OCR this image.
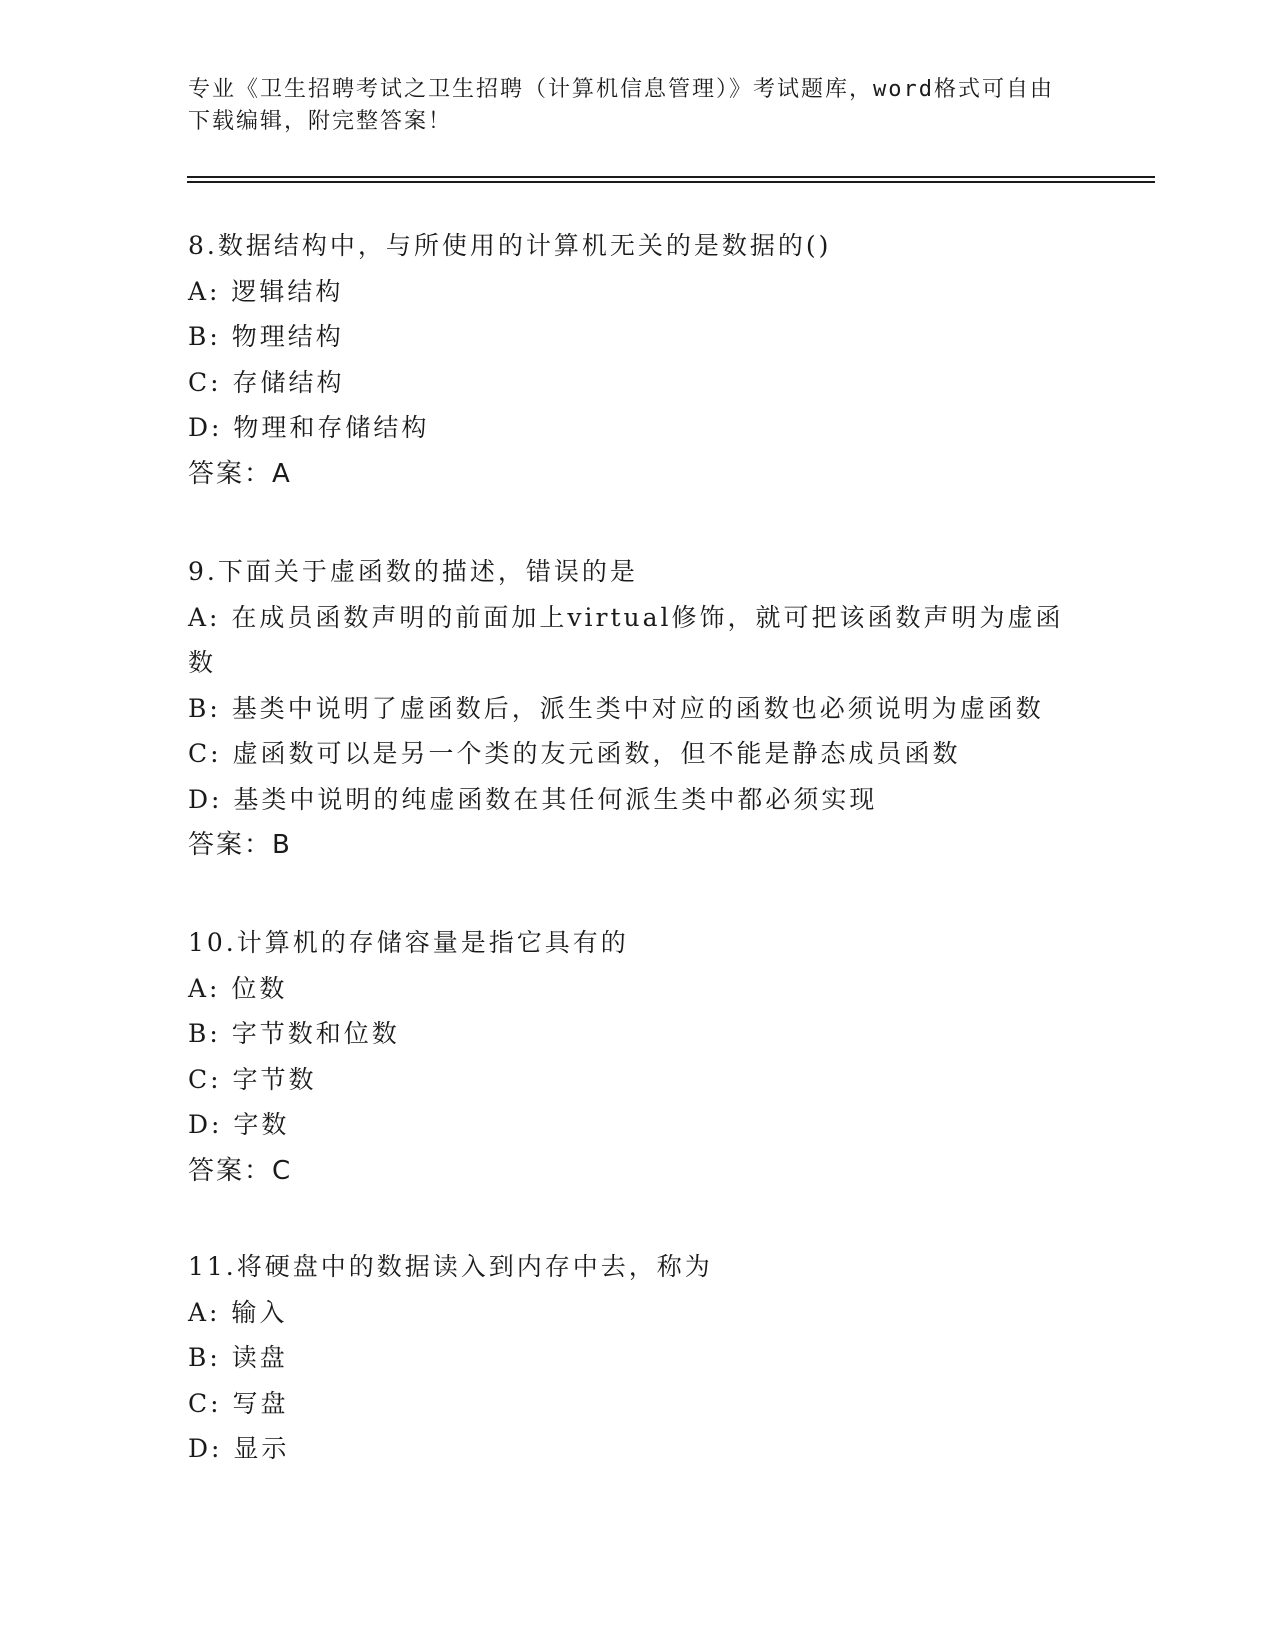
专业《卫生招聘考试之卫生招聘（计算机信息管理）》考试题库，word格式可自由下载编辑，附完整答案！
8.数据结构中，与所使用的计算机无关的是数据的()
A: 逻辑结构
B: 物理结构
C: 存储结构
D: 物理和存储结构
答案：A
9.下面关于虚函数的描述，错误的是
A: 在成员函数声明的前面加上virtual修饰，就可把该函数声明为虚函数
B: 基类中说明了虚函数后，派生类中对应的函数也必须说明为虚函数
C: 虚函数可以是另一个类的友元函数，但不能是静态成员函数
D: 基类中说明的纯虚函数在其任何派生类中都必须实现
答案：B
10.计算机的存储容量是指它具有的
A: 位数
B: 字节数和位数
C: 字节数
D: 字数
答案：C
11.将硬盘中的数据读入到内存中去，称为
A: 输入
B: 读盘
C: 写盘
D: 显示
